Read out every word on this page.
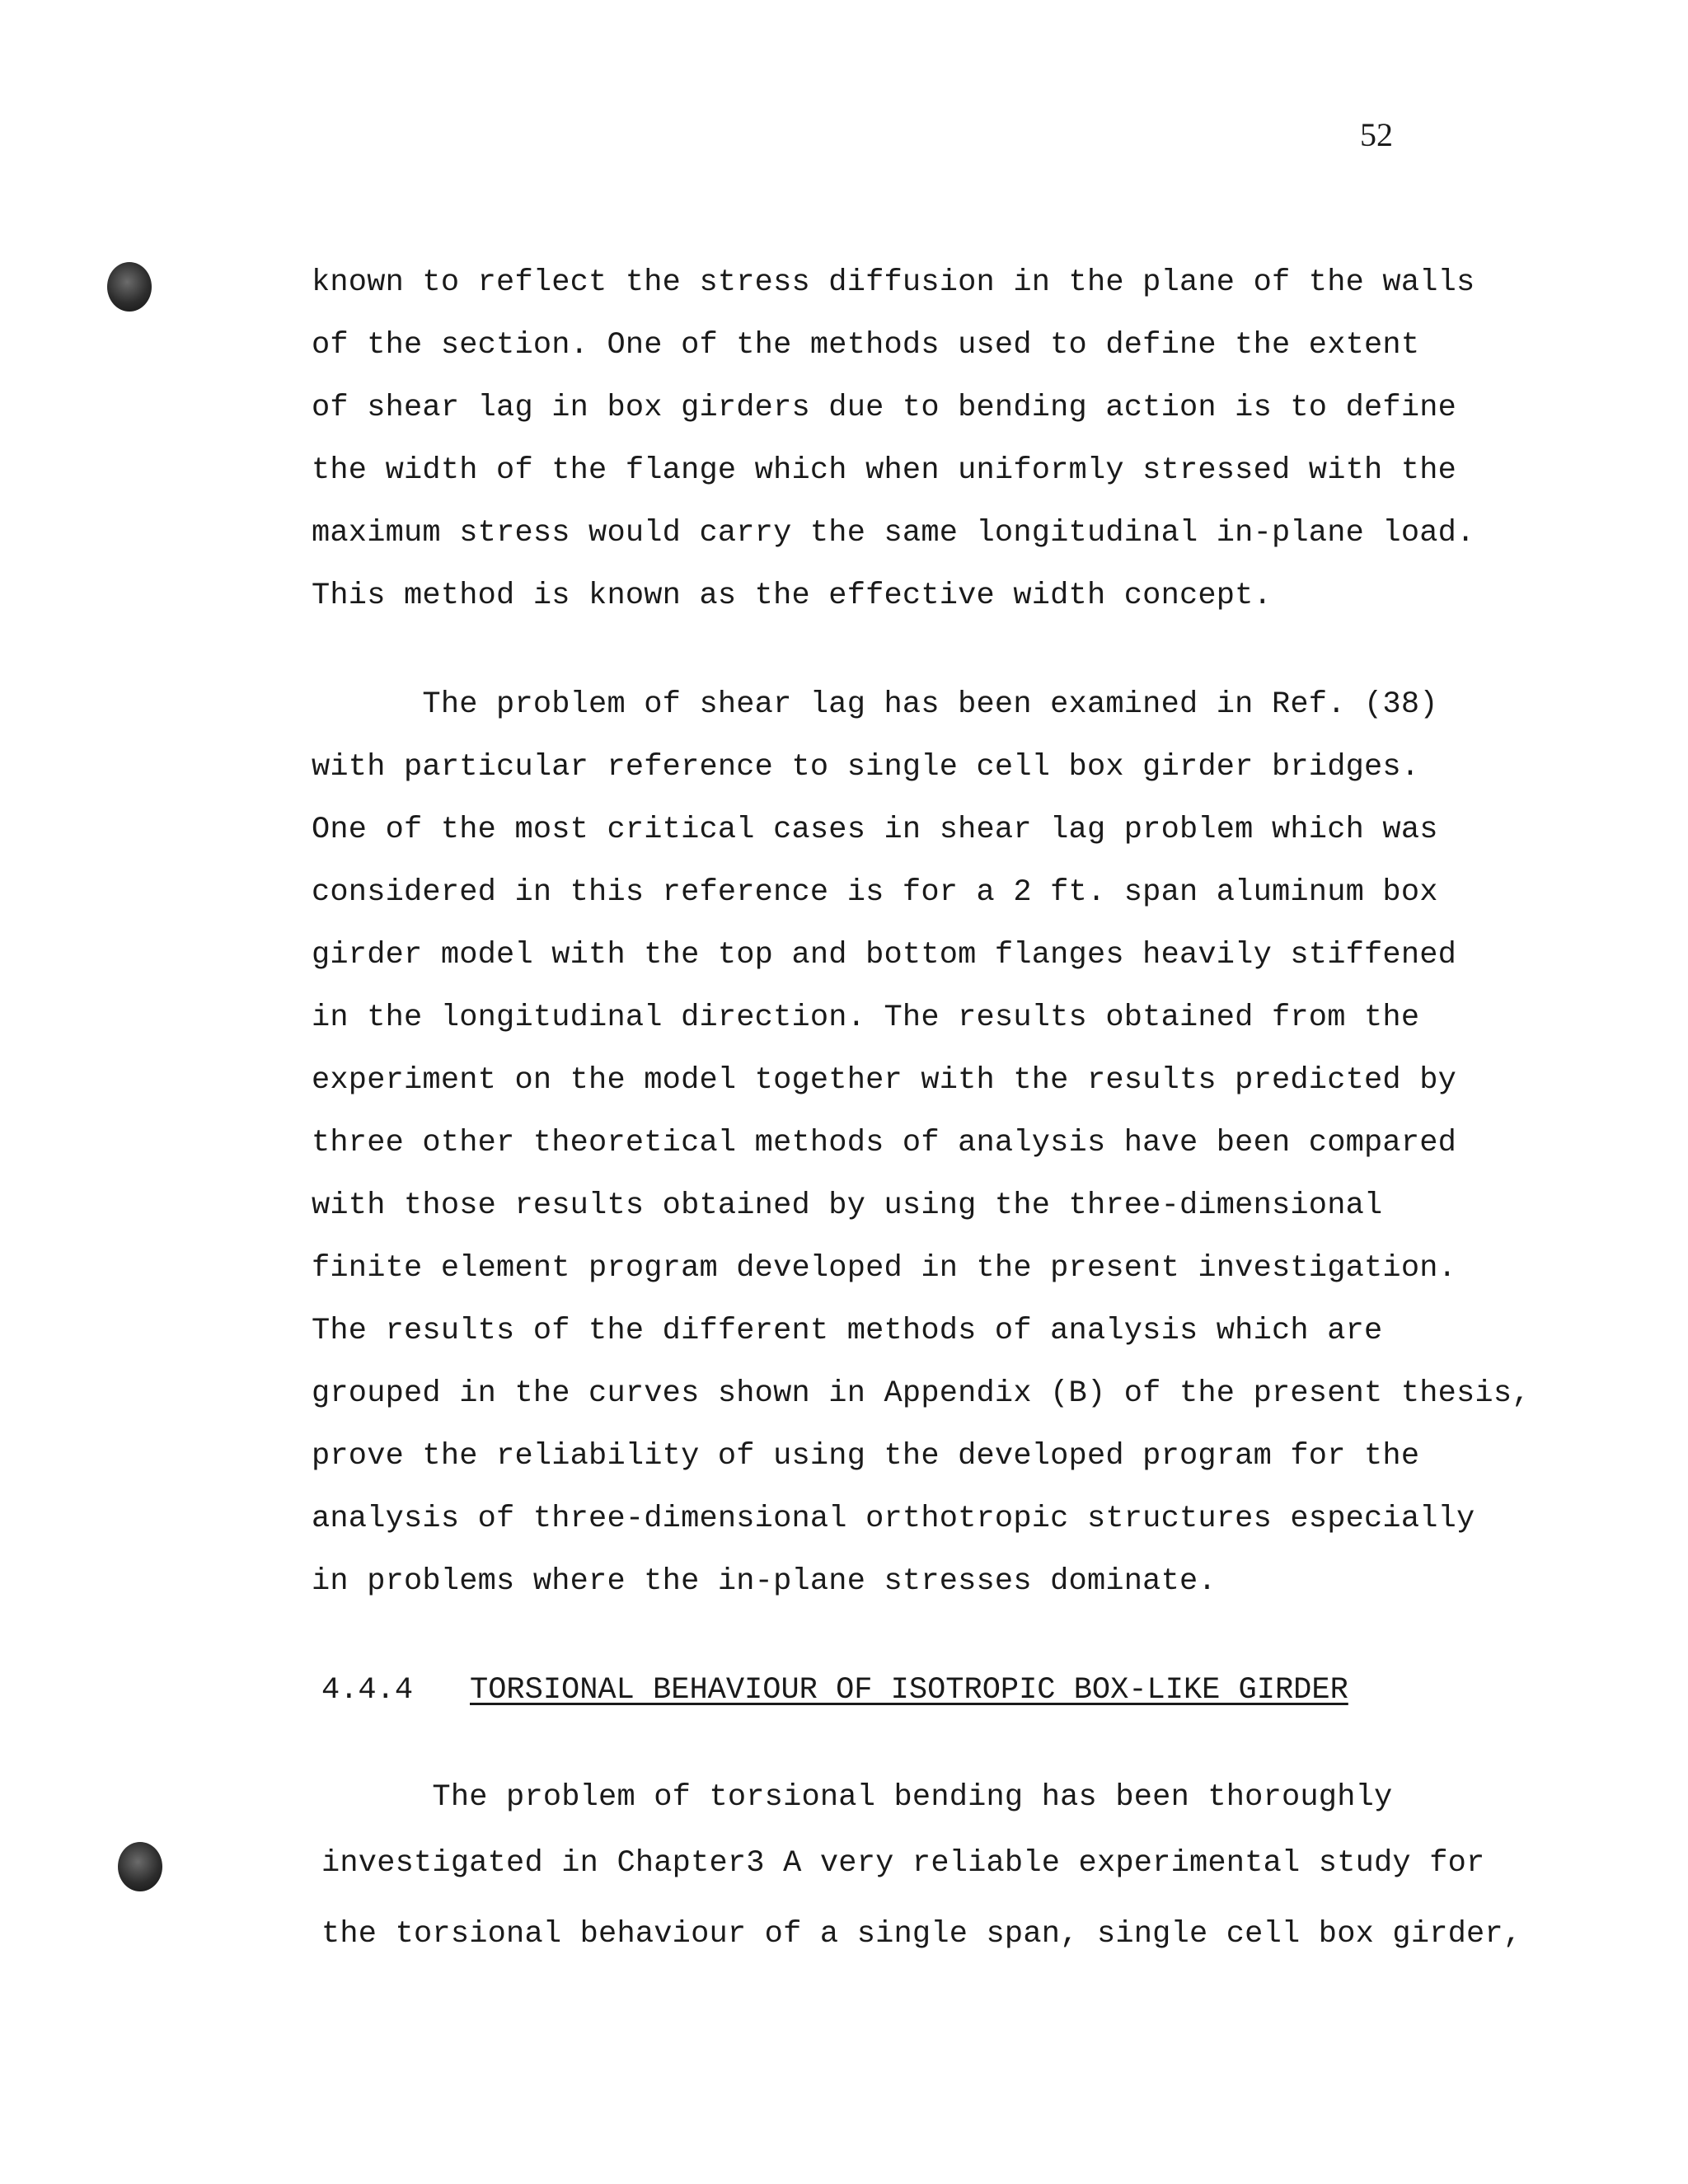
52
known to reflect the stress diffusion in the plane of the walls
of the section. One of the methods used to define the extent
of shear lag in box girders due to bending action is to define
the width of the flange which when uniformly stressed with the
maximum stress would carry the same longitudinal in-plane load.
This method is known as the effective width concept.
The problem of shear lag has been examined in Ref. (38)
with particular reference to single cell box girder bridges.
One of the most critical cases in shear lag problem which was
considered in this reference is for a 2 ft. span aluminum box
girder model with the top and bottom flanges heavily stiffened
in the longitudinal direction. The results obtained from the
experiment on the model together with the results predicted by
three other theoretical methods of analysis have been compared
with those results obtained by using the three-dimensional
finite element program developed in the present investigation.
The results of the different methods of analysis which are
grouped in the curves shown in Appendix (B) of the present thesis,
prove the reliability of using the developed program for the
analysis of three-dimensional orthotropic structures especially
in problems where the in-plane stresses dominate.
4.4.4 TORSIONAL BEHAVIOUR OF ISOTROPIC BOX-LIKE GIRDER
The problem of torsional bending has been thoroughly
investigated in Chapter3 A very reliable experimental study for
the torsional behaviour of a single span, single cell box girder,
